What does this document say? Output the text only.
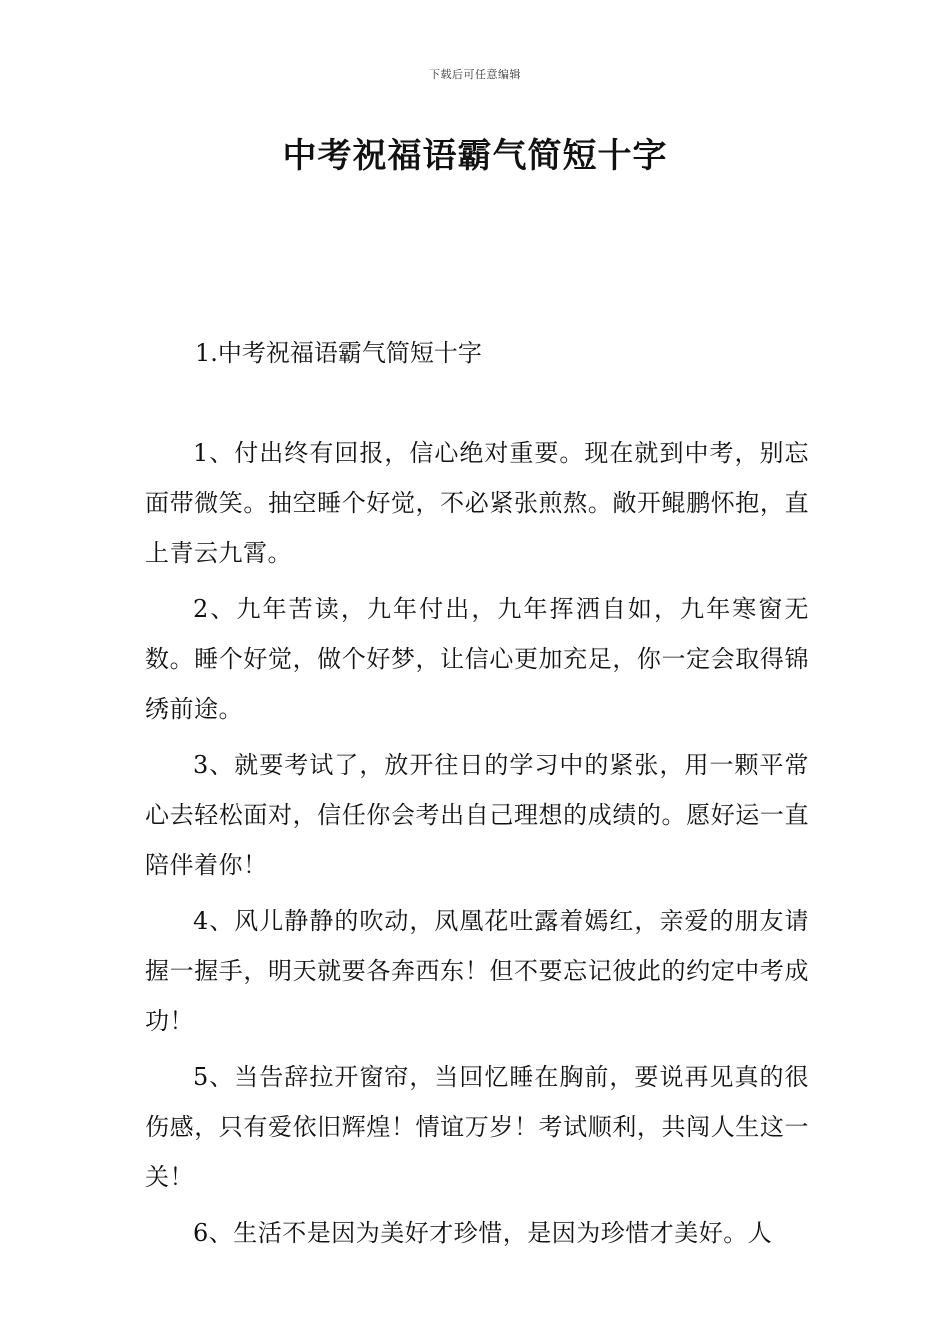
下载后可任意编辑
中考祝福语霸气简短十字
1.中考祝福语霸气简短十字

1、付出终有回报，信心绝对重要。现在就到中考，别忘面带微笑。抽空睡个好觉，不必紧张煎熬。敞开鲲鹏怀抱，直上青云九霄。

2、九年苦读，九年付出，九年挥洒自如，九年寒窗无数。睡个好觉，做个好梦，让信心更加充足，你一定会取得锦绣前途。

3、就要考试了，放开往日的学习中的紧张，用一颗平常心去轻松面对，信任你会考出自己理想的成绩的。愿好运一直陪伴着你！

4、风儿静静的吹动，凤凰花吐露着嫣红，亲爱的朋友请握一握手，明天就要各奔西东！但不要忘记彼此的约定中考成功！

5、当告辞拉开窗帘，当回忆睡在胸前，要说再见真的很伤感，只有爱依旧辉煌！情谊万岁！考试顺利，共闯人生这一关！

6、生活不是因为美好才珍惜，是因为珍惜才美好。人
